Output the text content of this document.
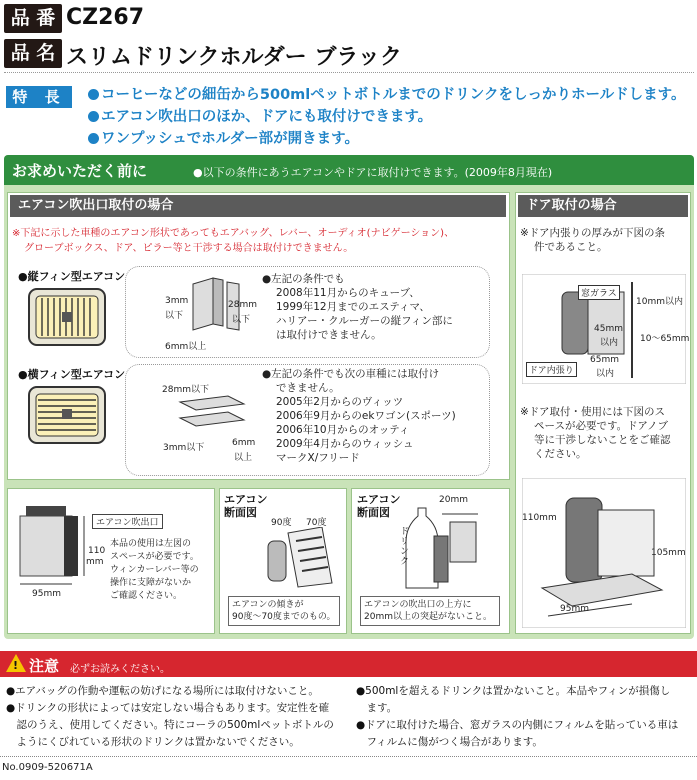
品 番 CZ267
品 名 スリムドリンクホルダー ブラック
特 長	コーヒーなどの細缶から500mlペットボトルまでのドリンクをしっかりホールドします。
エアコン吹出口のほか、ドアにも取付けできます。
ワンプッシュでホルダー部が開きます。
お求めいただく前に	●以下の条件にあうエアコンやドアに取付けできます。(2009年8月現在)
エアコン吹出口取付の場合
※下記に示した車種のエアコン形状であってもエアバッグ、レバー、オーディオ(ナビゲーション)、
グローブボックス、ドア、ピラー等と干渉する場合は取付けできません。
●縦フィン型エアコン
3mm
以下
28mm
以下
6mm以上
●左記の条件でも
2008年11月からのキューブ、
1999年12月までのエスティマ、
ハリアー・クルーガーの縦フィン部に
は取付けできません。
●横フィン型エアコン
28mm以下
3mm以下	6mm
以上
●左記の条件でも次の車種には取付け
できません。
2005年2月からのヴィッツ
2006年9月からのekワゴン(スポーツ)
2006年10月からのオッティ
2009年4月からのウィッシュ
マークX/フリード
エアコン吹出口
110
mm
95mm
本品の使用は左図の
スペースが必要です。
ウィンカーレバー等の
操作に支障がないか
ご確認ください。
エアコン
断面図
90度 70度
エアコンの傾きが
90度〜70度までのもの。
エアコン
断面図
20mm
ドリンク
エアコンの吹出口の上方に
20mm以上の突起がないこと。
ドア取付の場合
※ドア内張りの厚みが下図の条
件であること。
窓ガラス
10mm以内
10〜65mm
45mm
以内
65mm
以内
ドア内張り
※ドア取付・使用には下図のス
ペースが必要です。ドアノブ
等に干渉しないことをご確認
ください。
110mm
105mm
95mm
! 注意 必ずお読みください。
●エアバッグの作動や運転の妨げになる場所には取付けないこと。
●ドリンクの形状によっては安定しない場合もあります。安定性を確
　認のうえ、使用してください。特にコーラの500mlペットボトルの
　ようにくびれている形状のドリンクは置かないでください。
●500mlを超えるドリンクは置かないこと。本品やフィンが損傷し
　ます。
●ドアに取付けた場合、窓ガラスの内側にフィルムを貼っている車は
　フィルムに傷がつく場合があります。
No.0909-520671A
